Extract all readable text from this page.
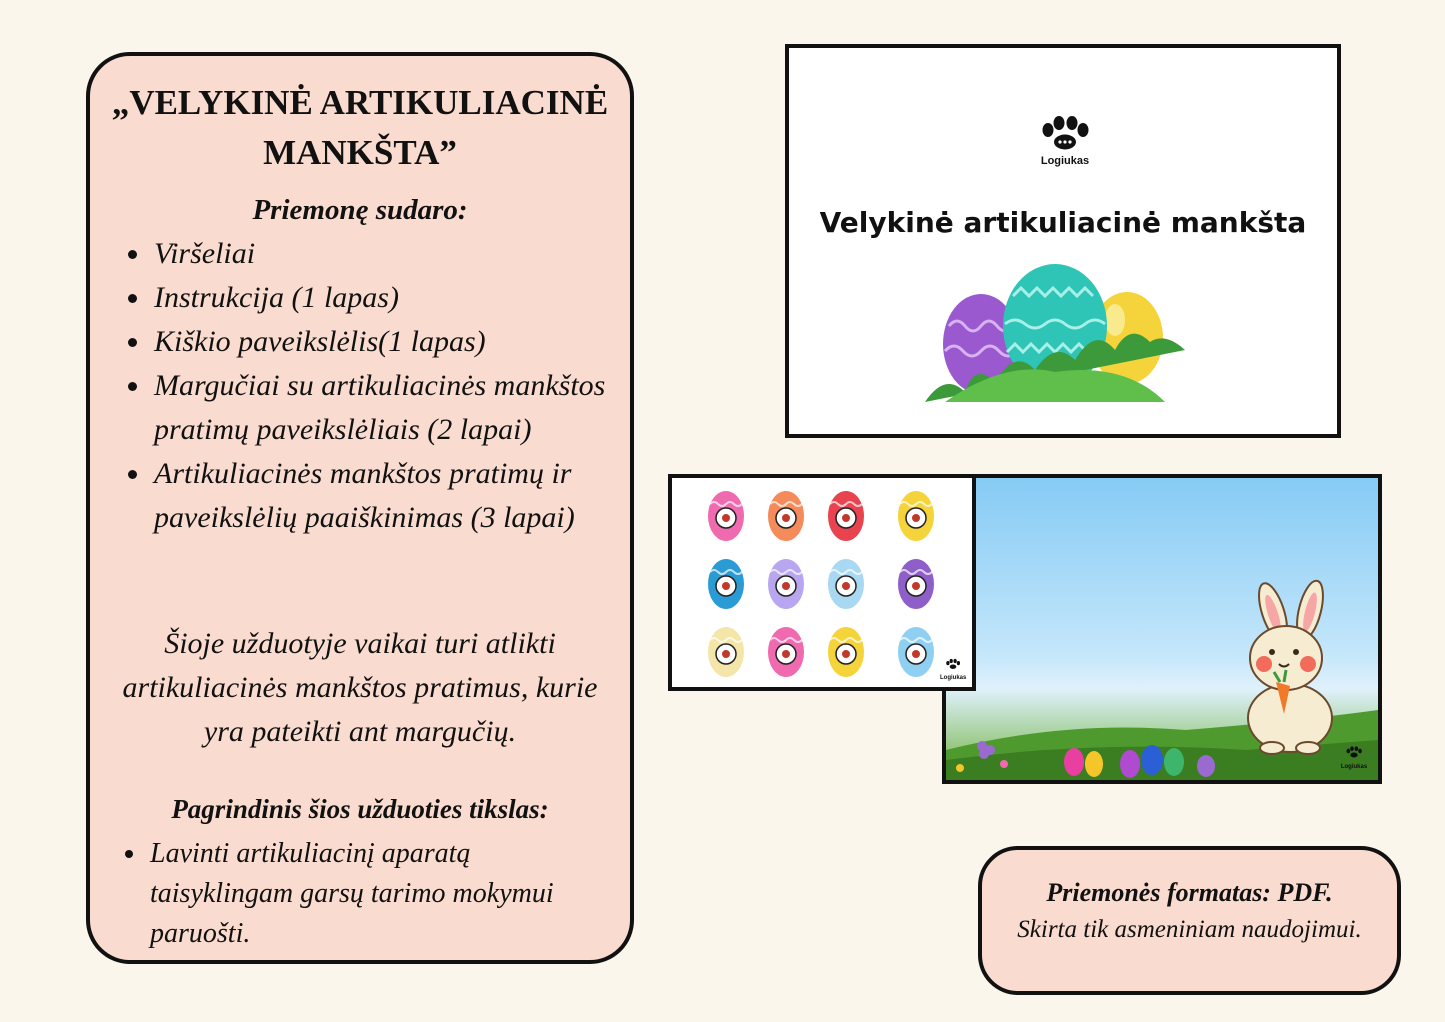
„VELYKINĖ ARTIKULIACINĖ
MANKŠTA”
Priemonę sudaro:
• Viršeliai
• Instrukcija (1 lapas)
• Kiškio paveikslėlis(1 lapas)
• Margučiai su artikuliacinės mankštos pratimų paveikslėliais (2 lapai)
• Artikuliacinės mankštos pratimų ir paveikslėlių paaiškinimas (3 lapai)
Šioje užduotyje vaikai turi atlikti artikuliacinės mankštos pratimus, kurie yra pateikti ant margučių.
Pagrindinis šios užduoties tikslas:
• Lavinti artikuliacinį aparatą taisyklingam garsų tarimo mokymui paruošti.
Logiukas
Velykinė artikuliacinė mankšta
Logiukas
Logiukas
Priemonės formatas: PDF.
Skirta tik asmeniniam naudojimui.
